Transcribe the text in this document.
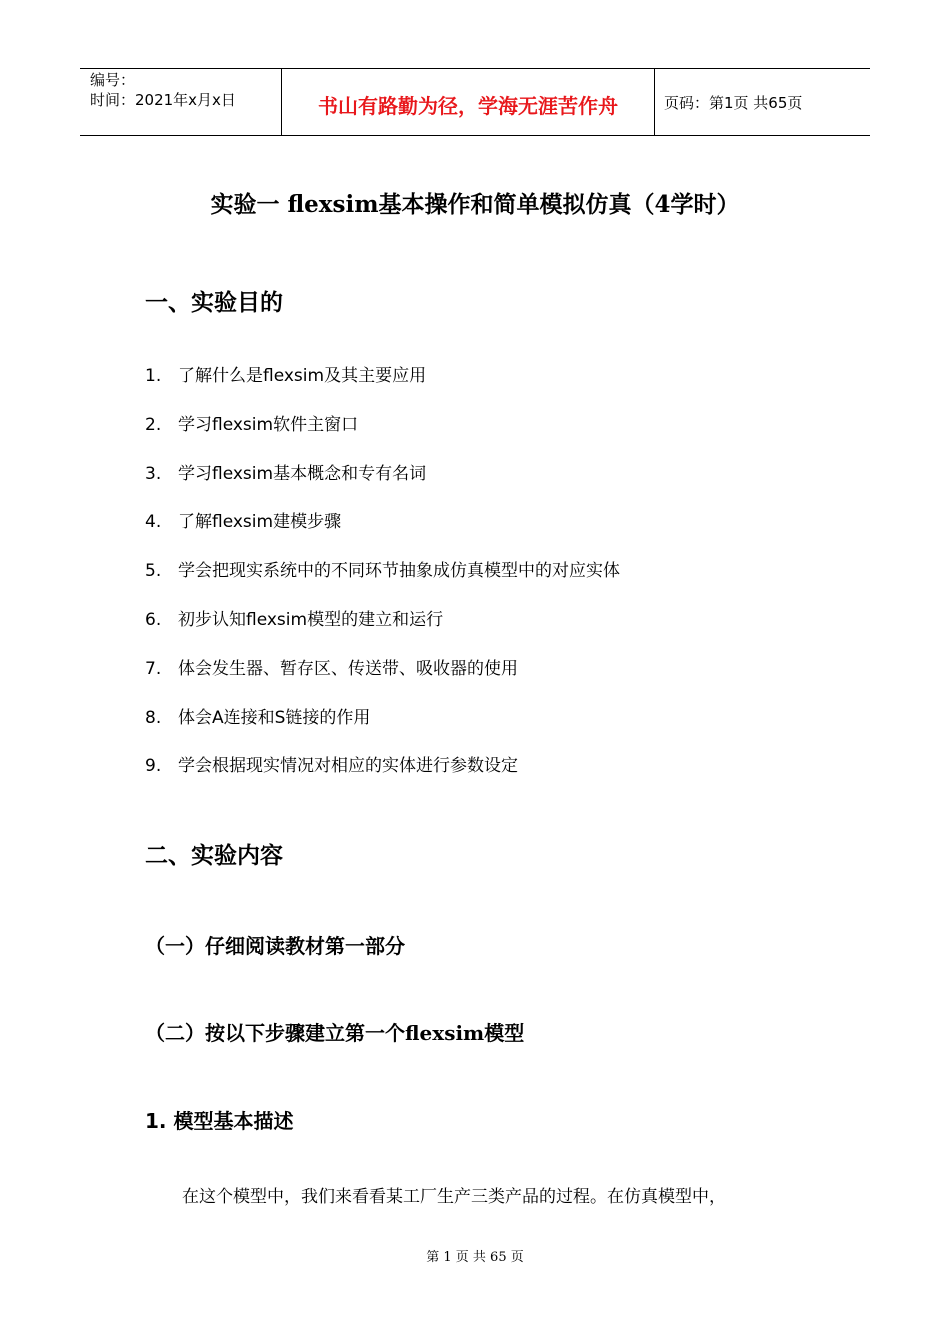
编号：
时间：2021年x月x日	书山有路勤为径，学海无涯苦作舟	页码：第1页 共65页
实验一 flexsim基本操作和简单模拟仿真（4学时）
一、实验目的
1. 了解什么是flexsim及其主要应用
2. 学习flexsim软件主窗口
3. 学习flexsim基本概念和专有名词
4. 了解flexsim建模步骤
5. 学会把现实系统中的不同环节抽象成仿真模型中的对应实体
6. 初步认知flexsim模型的建立和运行
7. 体会发生器、暂存区、传送带、吸收器的使用
8. 体会A连接和S链接的作用
9. 学会根据现实情况对相应的实体进行参数设定
二、实验内容
（一）仔细阅读教材第一部分
（二）按以下步骤建立第一个flexsim模型
1. 模型基本描述
在这个模型中，我们来看看某工厂生产三类产品的过程。在仿真模型中，
第 1 页 共 65 页
